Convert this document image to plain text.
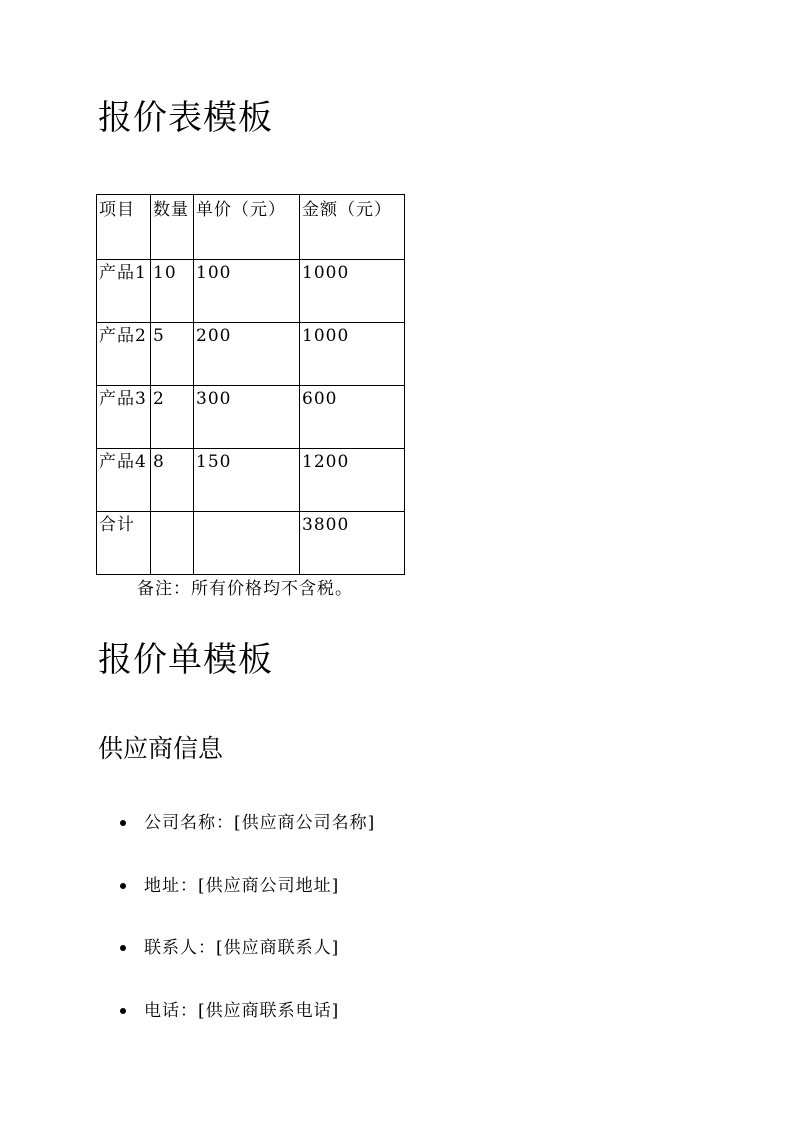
报价表模板
项目	数量	单价（元）	金额（元）
产品1	10	100	1000
产品2	5	200	1000
产品3	2	300	600
产品4	8	150	1200
合计			3800
备注：所有价格均不含税。
报价单模板
供应商信息
公司名称：[供应商公司名称]
地址：[供应商公司地址]
联系人：[供应商联系人]
电话：[供应商联系电话]
